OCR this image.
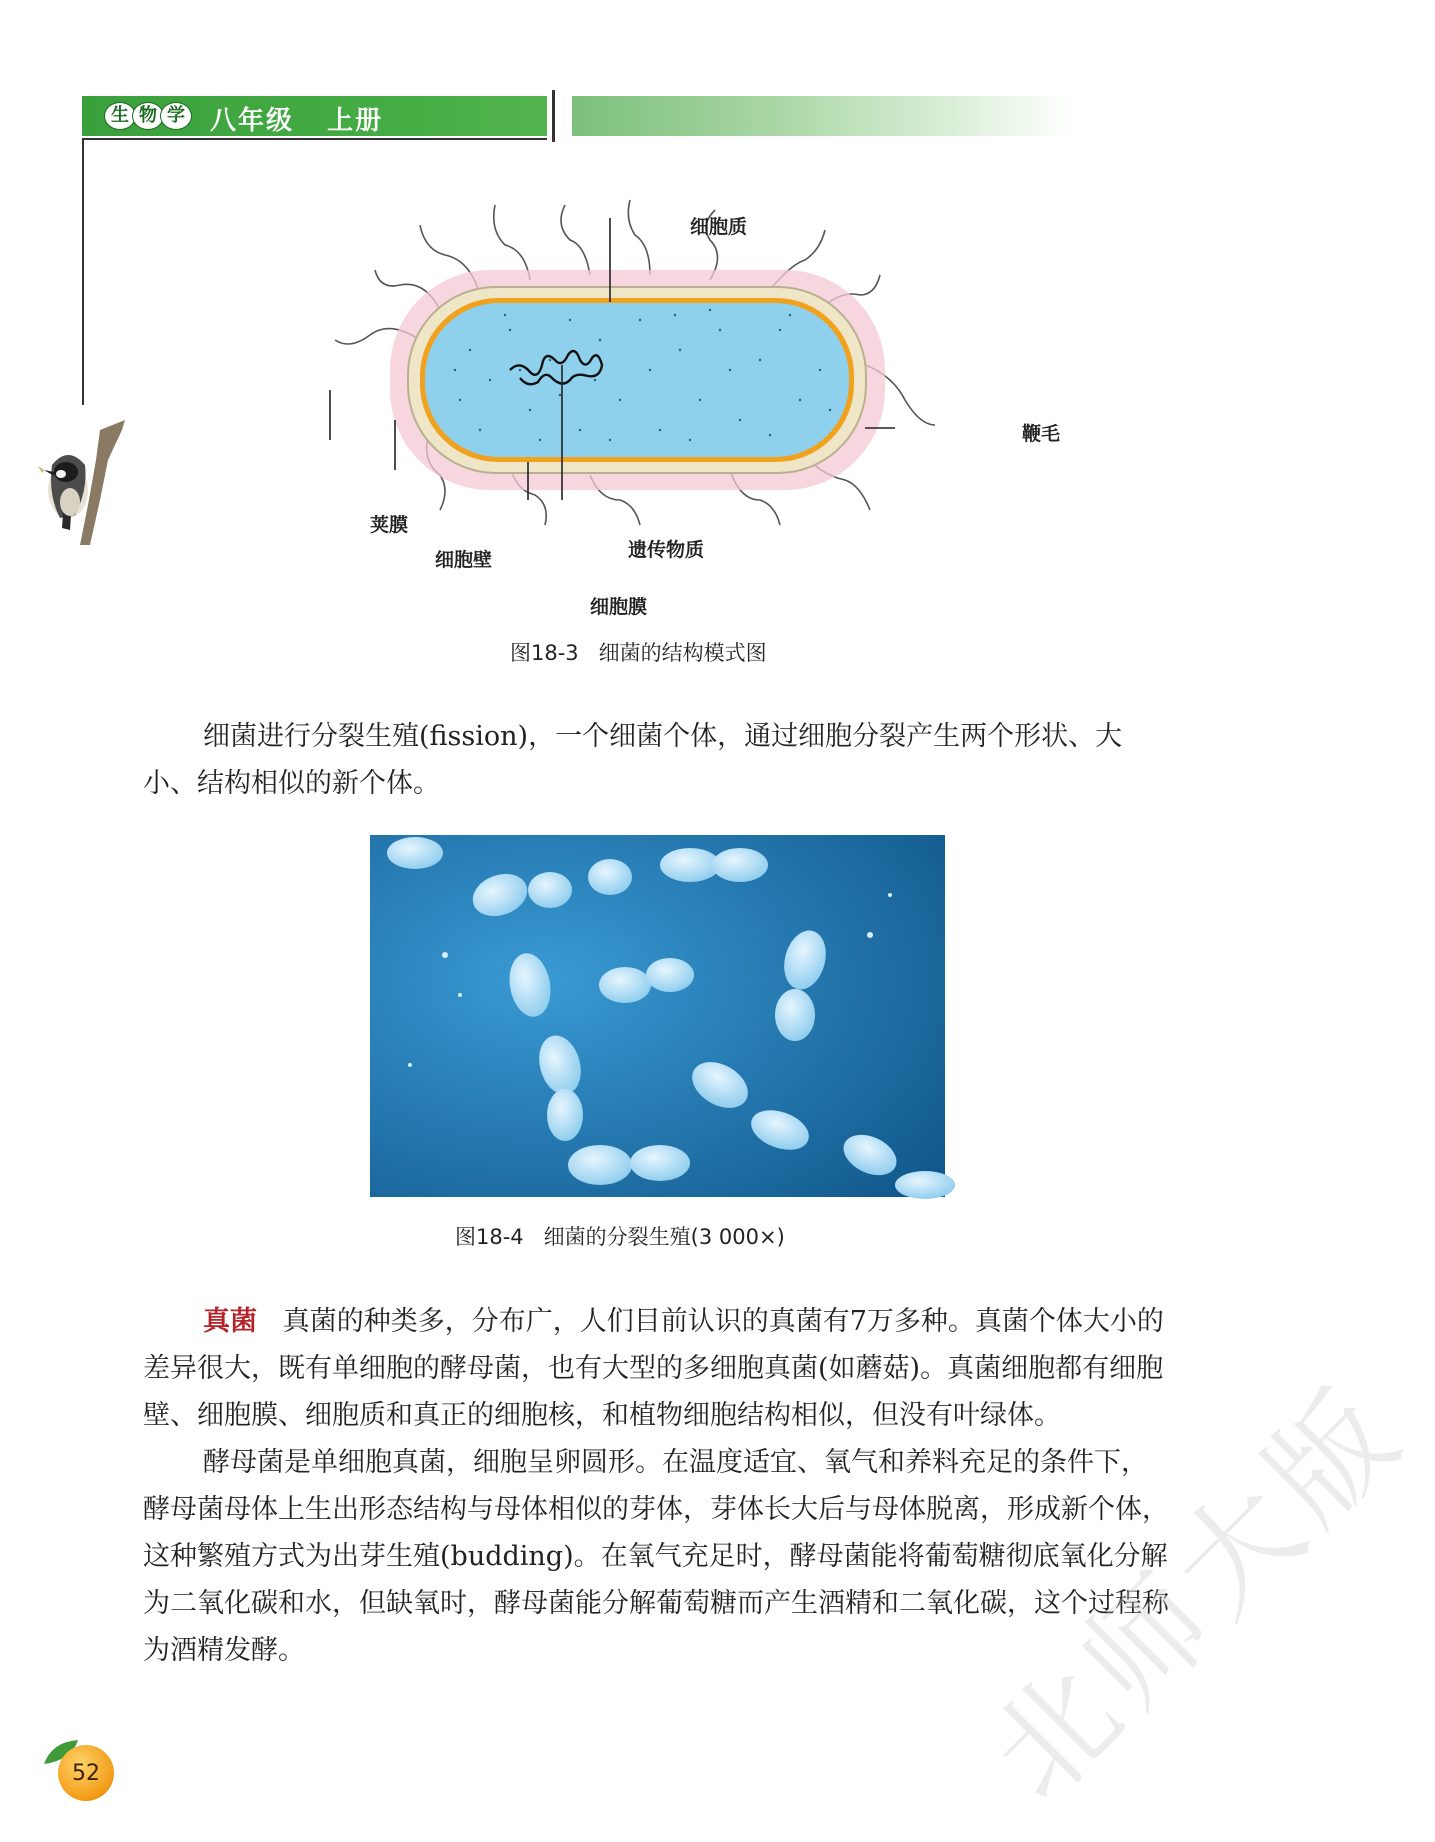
生 物 学 八年级   上册
细胞质
鞭毛
荚膜
细胞壁	遗传物质
细胞膜
图18-3   细菌的结构模式图

细菌进行分裂生殖(fission)，一个细菌个体，通过细胞分裂产生两个形状、大小、结构相似的新个体。

图18-4   细菌的分裂生殖(3 000×)

真菌 真菌的种类多，分布广，人们目前认识的真菌有7万多种。真菌个体大小的差异很大，既有单细胞的酵母菌，也有大型的多细胞真菌(如蘑菇)。真菌细胞都有细胞壁、细胞膜、细胞质和真正的细胞核，和植物细胞结构相似，但没有叶绿体。

酵母菌是单细胞真菌，细胞呈卵圆形。在温度适宜、氧气和养料充足的条件下，酵母菌母体上生出形态结构与母体相似的芽体，芽体长大后与母体脱离，形成新个体，这种繁殖方式为出芽生殖(budding)。在氧气充足时，酵母菌能将葡萄糖彻底氧化分解为二氧化碳和水，但缺氧时，酵母菌能分解葡萄糖而产生酒精和二氧化碳，这个过程称为酒精发酵。	北师大版
52
